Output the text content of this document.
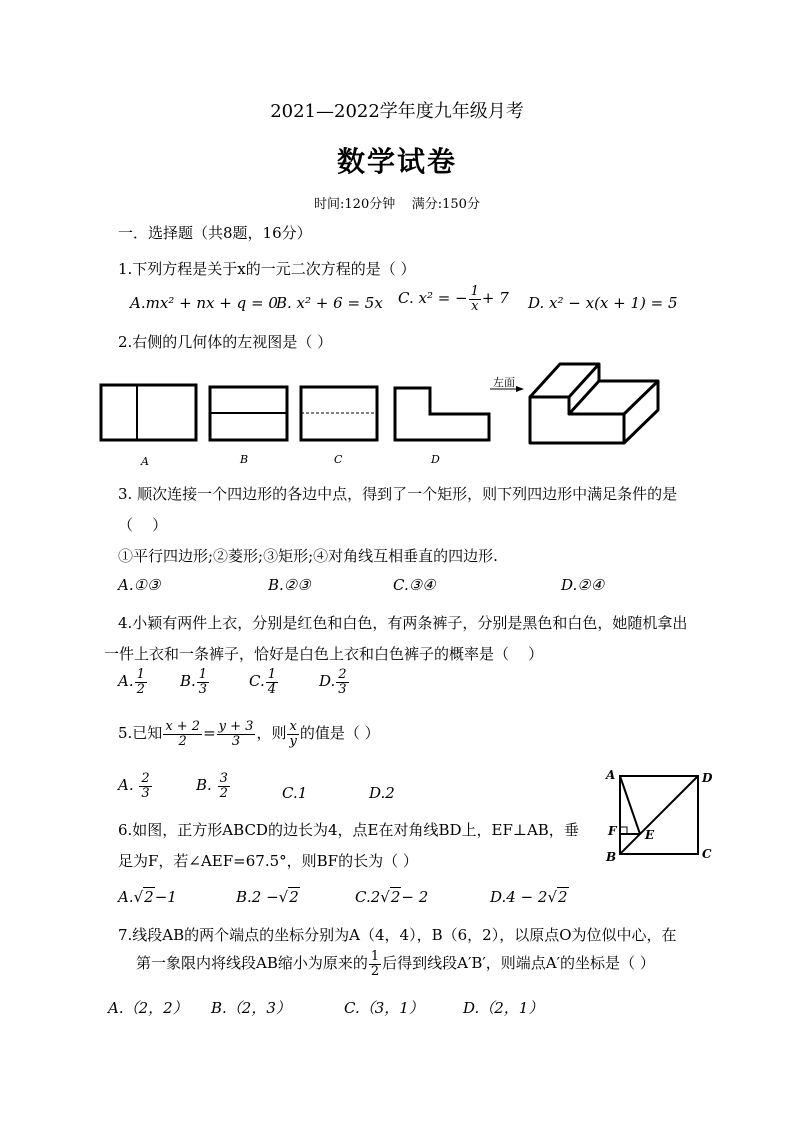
2021—2022学年度九年级月考
数学试卷
时间:120分钟    满分:150分
一．选择题（共8题，16分）
1.下列方程是关于x的一元二次方程的是（ ）
A.mx² + nx + q = 0
B. x² + 6 = 5x C. x² = − $\frac{1}{x} + 7$ D. x² − x(x + 1) = 5
2.右侧的几何体的左视图是（ ）
A	B	C	D
左面
3. 顺次连接一个四边形的各边中点，得到了一个矩形，则下列四边形中满足条件的是
（    ）
①平行四边形;②菱形;③矩形;④对角线互相垂直的四边形.
A.①③	B.②③	C.③④	D.②④
4.小颖有两件上衣，分别是红色和白色，有两条裤子，分别是黑色和白色，她随机拿出
一件上衣和一条裤子，恰好是白色上衣和白色裤子的概率是（    ）
A. $\frac{1}{2} B$. $\frac{1}{3}$	C. $\frac{1}{4}$	D. $\frac{2}{3}$
5.已知 $\frac{x + 2}{2} = \frac{y + 3}{3}$ ，则 $\frac{x}{y}$ 的值是（ ）
A. $\frac{2}{3}$	B. $\frac{3}{2}$	C.1	D.2
A	D
F E
B	C
6.如图，正方形ABCD的边长为4，点E在对角线BD上，EF⊥AB，垂
足为F，若∠AEF=67.5°，则BF的长为（ ）
A.√2−1	B.2 −√2	C.2√2− 2	D.4 − 2√2
7.线段AB的两个端点的坐标分别为A（4，4），B（6，2），以原点O为位似中心，在
第一象限内将线段AB缩小为原来的 $\frac{1}{2}$ 后得到线段A′B′，则端点A′的坐标是（ ）
A.（2，2） B.（2，3）	C.（3，1）	D.（2，1）
